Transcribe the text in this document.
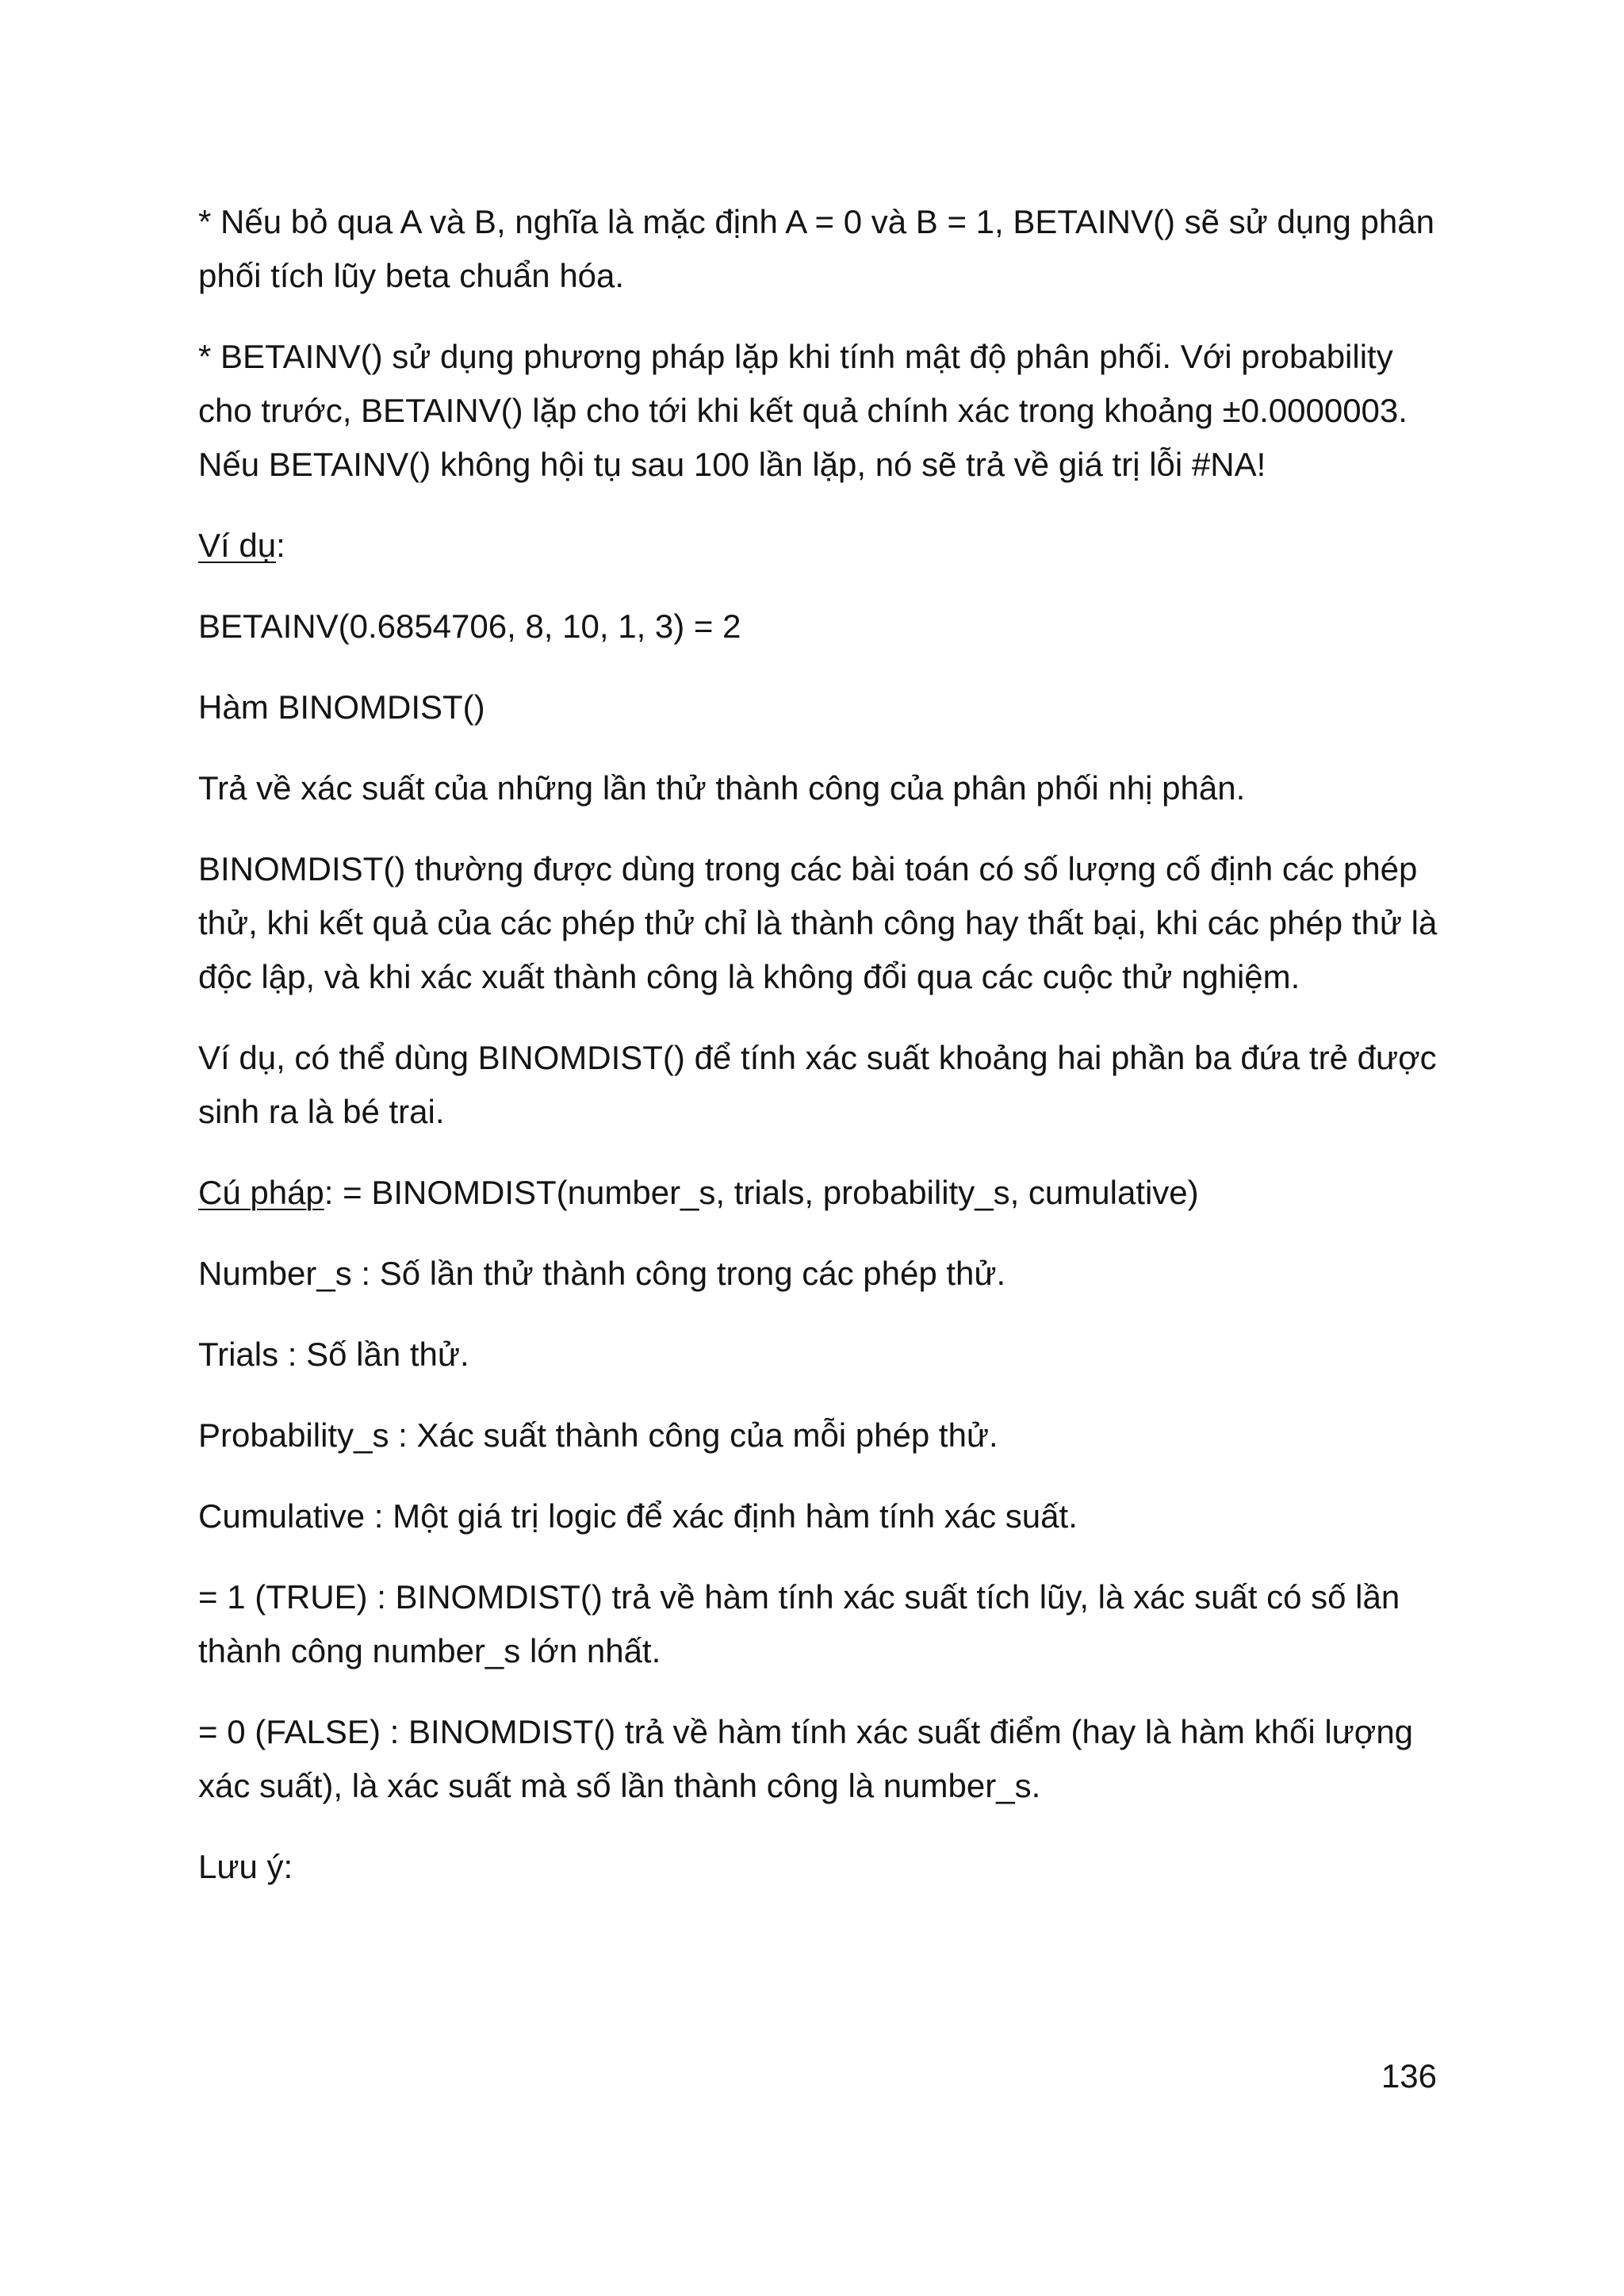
* Nếu bỏ qua A và B, nghĩa là mặc định A = 0 và B = 1, BETAINV() sẽ sử dụng phân phối tích lũy beta chuẩn hóa.

* BETAINV() sử dụng phương pháp lặp khi tính mật độ phân phối. Với probability cho trước, BETAINV() lặp cho tới khi kết quả chính xác trong khoảng ±0.0000003. Nếu BETAINV() không hội tụ sau 100 lần lặp, nó sẽ trả về giá trị lỗi #NA!

Ví dụ:

BETAINV(0.6854706, 8, 10, 1, 3) = 2

Hàm BINOMDIST()

Trả về xác suất của những lần thử thành công của phân phối nhị phân.

BINOMDIST() thường được dùng trong các bài toán có số lượng cố định các phép thử, khi kết quả của các phép thử chỉ là thành công hay thất bại, khi các phép thử là độc lập, và khi xác xuất thành công là không đổi qua các cuộc thử nghiệm.

Ví dụ, có thể dùng BINOMDIST() để tính xác suất khoảng hai phần ba đứa trẻ được sinh ra là bé trai.

Cú pháp: = BINOMDIST(number_s, trials, probability_s, cumulative)

Number_s : Số lần thử thành công trong các phép thử.

Trials : Số lần thử.

Probability_s : Xác suất thành công của mỗi phép thử.

Cumulative : Một giá trị logic để xác định hàm tính xác suất.

= 1 (TRUE) : BINOMDIST() trả về hàm tính xác suất tích lũy, là xác suất có số lần thành công number_s lớn nhất.

= 0 (FALSE) : BINOMDIST() trả về hàm tính xác suất điểm (hay là hàm khối lượng xác suất), là xác suất mà số lần thành công là number_s.

Lưu ý:

136
